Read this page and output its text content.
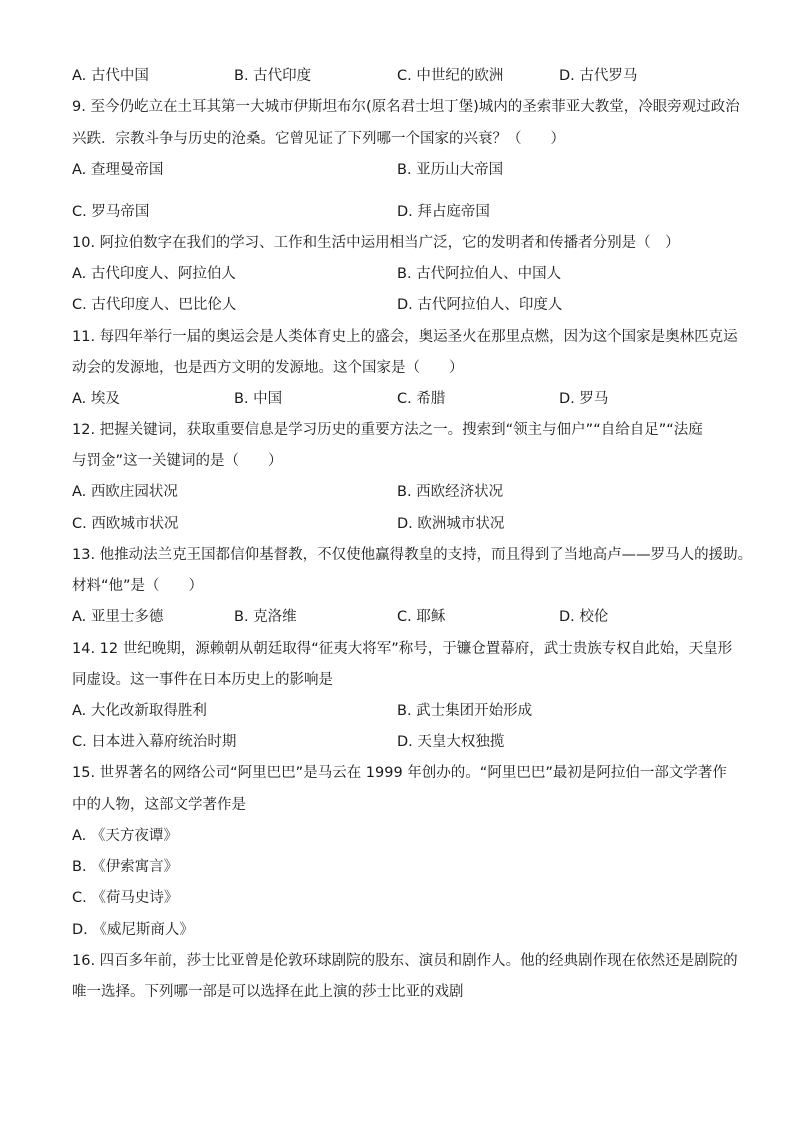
A. 古代中国	B. 古代印度	C. 中世纪的欧洲	D. 古代罗马
9. 至今仍屹立在土耳其第一大城市伊斯坦布尔(原名君士坦丁堡)城内的圣索菲亚大教堂，冷眼旁观过政治
兴跌．宗教斗争与历史的沧桑。它曾见证了下列哪一个国家的兴衰？（　　）
A. 查理曼帝国	B. 亚历山大帝国
C. 罗马帝国	D. 拜占庭帝国
10. 阿拉伯数字在我们的学习、工作和生活中运用相当广泛，它的发明者和传播者分别是（　）
A. 古代印度人、阿拉伯人	B. 古代阿拉伯人、中国人
C. 古代印度人、巴比伦人	D. 古代阿拉伯人、印度人
11. 每四年举行一届的奥运会是人类体育史上的盛会，奥运圣火在那里点燃，因为这个国家是奥林匹克运
动会的发源地，也是西方文明的发源地。这个国家是（　　）
A. 埃及	B. 中国	C. 希腊	D. 罗马
12. 把握关键词，获取重要信息是学习历史的重要方法之一。搜索到“领主与佃户”“自给自足”“法庭
与罚金”这一关键词的是（　　）
A. 西欧庄园状况	B. 西欧经济状况
C. 西欧城市状况	D. 欧洲城市状况
13. 他推动法兰克王国都信仰基督教，不仅使他赢得教皇的支持，而且得到了当地高卢——罗马人的援助。
材料“他”是（　　）
A. 亚里士多德	B. 克洛维	C. 耶稣	D. 校伦
14. 12 世纪晚期，源赖朝从朝廷取得“征夷大将军”称号，于镰仓置幕府，武士贵族专权自此始，天皇形
同虚设。这一事件在日本历史上的影响是
A. 大化改新取得胜利	B. 武士集团开始形成
C. 日本进入幕府统治时期	D. 天皇大权独揽
15. 世界著名的网络公司“阿里巴巴”是马云在 1999 年创办的。“阿里巴巴”最初是阿拉伯一部文学著作
中的人物，这部文学著作是
A. 《天方夜谭》
B. 《伊索寓言》
C. 《荷马史诗》
D. 《威尼斯商人》
16. 四百多年前，莎士比亚曾是伦敦环球剧院的股东、演员和剧作人。他的经典剧作现在依然还是剧院的
唯一选择。下列哪一部是可以选择在此上演的莎士比亚的戏剧
